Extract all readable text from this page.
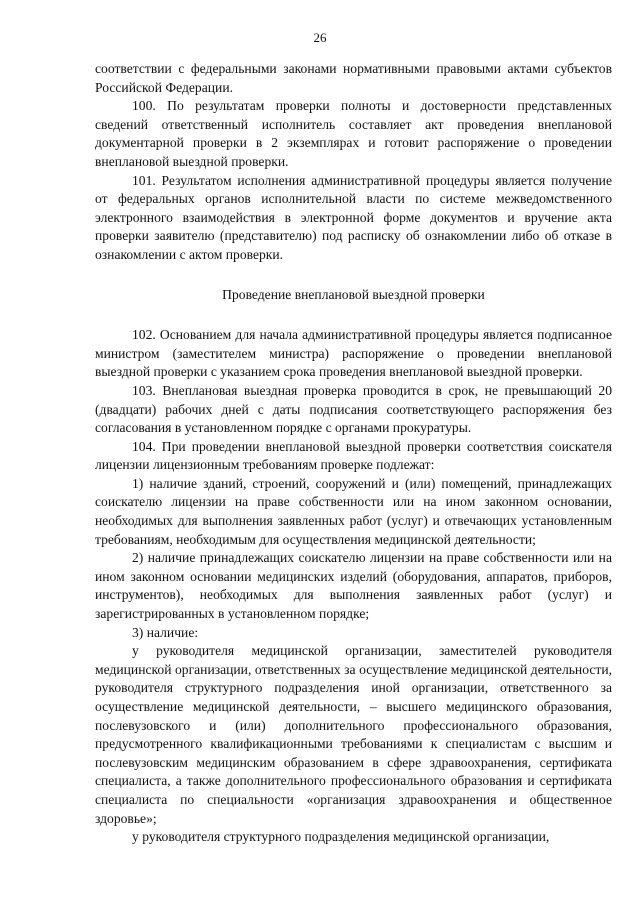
26

соответствии с федеральными законами нормативными правовыми актами субъектов Российской Федерации.

100. По результатам проверки полноты и достоверности представленных сведений ответственный исполнитель составляет акт проведения внеплановой документарной проверки в 2 экземплярах и готовит распоряжение о проведении внеплановой выездной проверки.

101. Результатом исполнения административной процедуры является получение от федеральных органов исполнительной власти по системе межведомственного электронного взаимодействия в электронной форме документов и вручение акта проверки заявителю (представителю) под расписку об ознакомлении либо об отказе в ознакомлении с актом проверки.

Проведение внеплановой выездной проверки

102. Основанием для начала административной процедуры является подписанное министром (заместителем министра) распоряжение о проведении внеплановой выездной проверки с указанием срока проведения внеплановой выездной проверки.

103. Внеплановая выездная проверка проводится в срок, не превышающий 20 (двадцати) рабочих дней с даты подписания соответствующего распоряжения без согласования в установленном порядке с органами прокуратуры.

104. При проведении внеплановой выездной проверки соответствия соискателя лицензии лицензионным требованиям проверке подлежат:

1) наличие зданий, строений, сооружений и (или) помещений, принадлежащих соискателю лицензии на праве собственности или на ином законном основании, необходимых для выполнения заявленных работ (услуг) и отвечающих установленным требованиям, необходимым для осуществления медицинской деятельности;

2) наличие принадлежащих соискателю лицензии на праве собственности или на ином законном основании медицинских изделий (оборудования, аппаратов, приборов, инструментов), необходимых для выполнения заявленных работ (услуг) и зарегистрированных в установленном порядке;

3) наличие:

у руководителя медицинской организации, заместителей руководителя медицинской организации, ответственных за осуществление медицинской деятельности, руководителя структурного подразделения иной организации, ответственного за осуществление медицинской деятельности, – высшего медицинского образования, послевузовского и (или) дополнительного профессионального образования, предусмотренного квалификационными требованиями к специалистам с высшим и послевузовским медицинским образованием в сфере здравоохранения, сертификата специалиста, а также дополнительного профессионального образования и сертификата специалиста по специальности «организация здравоохранения и общественное здоровье»;

у руководителя структурного подразделения медицинской организации,
